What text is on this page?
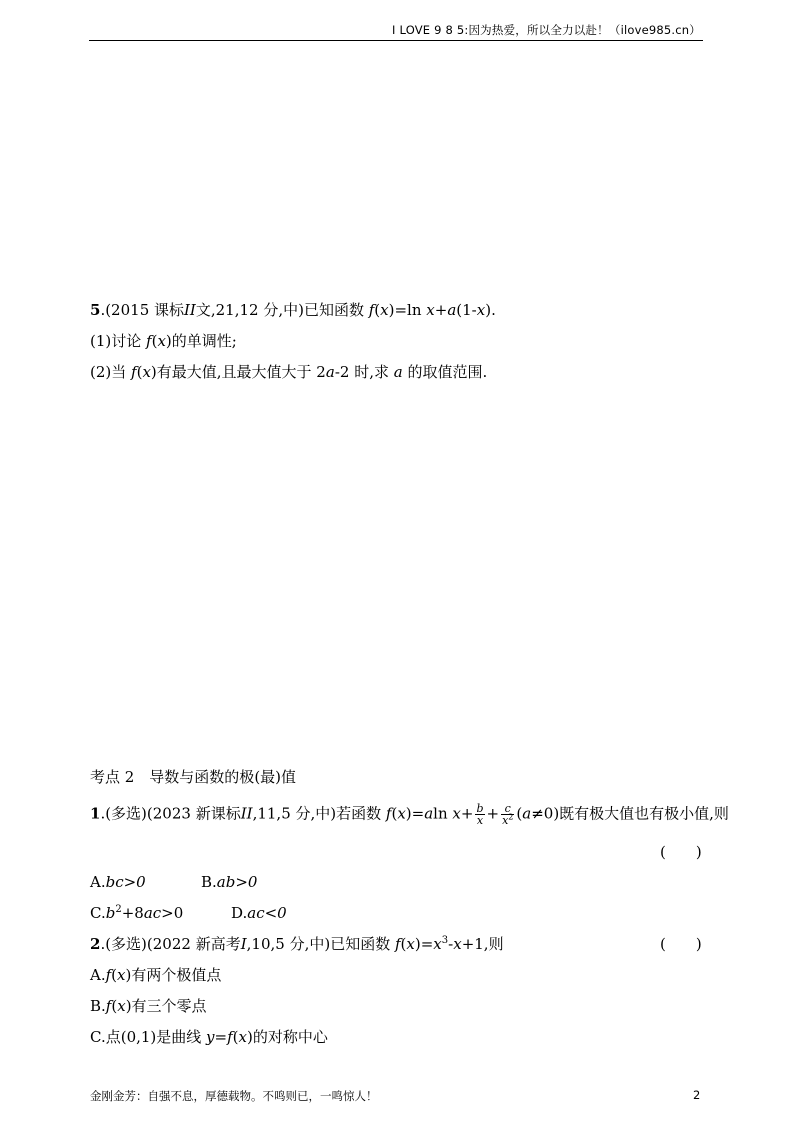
I LOVE 9 8 5:因为热爱，所以全力以赴！（ilove985.cn）
5.(2015 课标II文,21,12 分,中)已知函数 f(x)=ln x+a(1-x).
(1)讨论 f(x)的单调性;
(2)当 f(x)有最大值,且最大值大于 2a-2 时,求 a 的取值范围.
考点 2　导数与函数的极(最)值
1.(多选)(2023 新课标II,11,5 分,中)若函数 f(x)=aln $x+ \frac{b}{x} + \frac{c}{x^2} (a\ne 0)$既有极大值也有极小值,则
(　　)
A.bc>0	B.ab>0
$C.b^2+8ac>0$	D.ac<0
2.(多选)(2022 新高考I,10,5 分,中)已知函数 $f(x)=x^3-x+1$,则	(　　)
A.f(x)有两个极值点
B.f(x)有三个零点
C.点(0,1)是曲线 y=f(x)的对称中心
金刚金芳：自强不息，厚德载物。不鸣则已，一鸣惊人！	2
